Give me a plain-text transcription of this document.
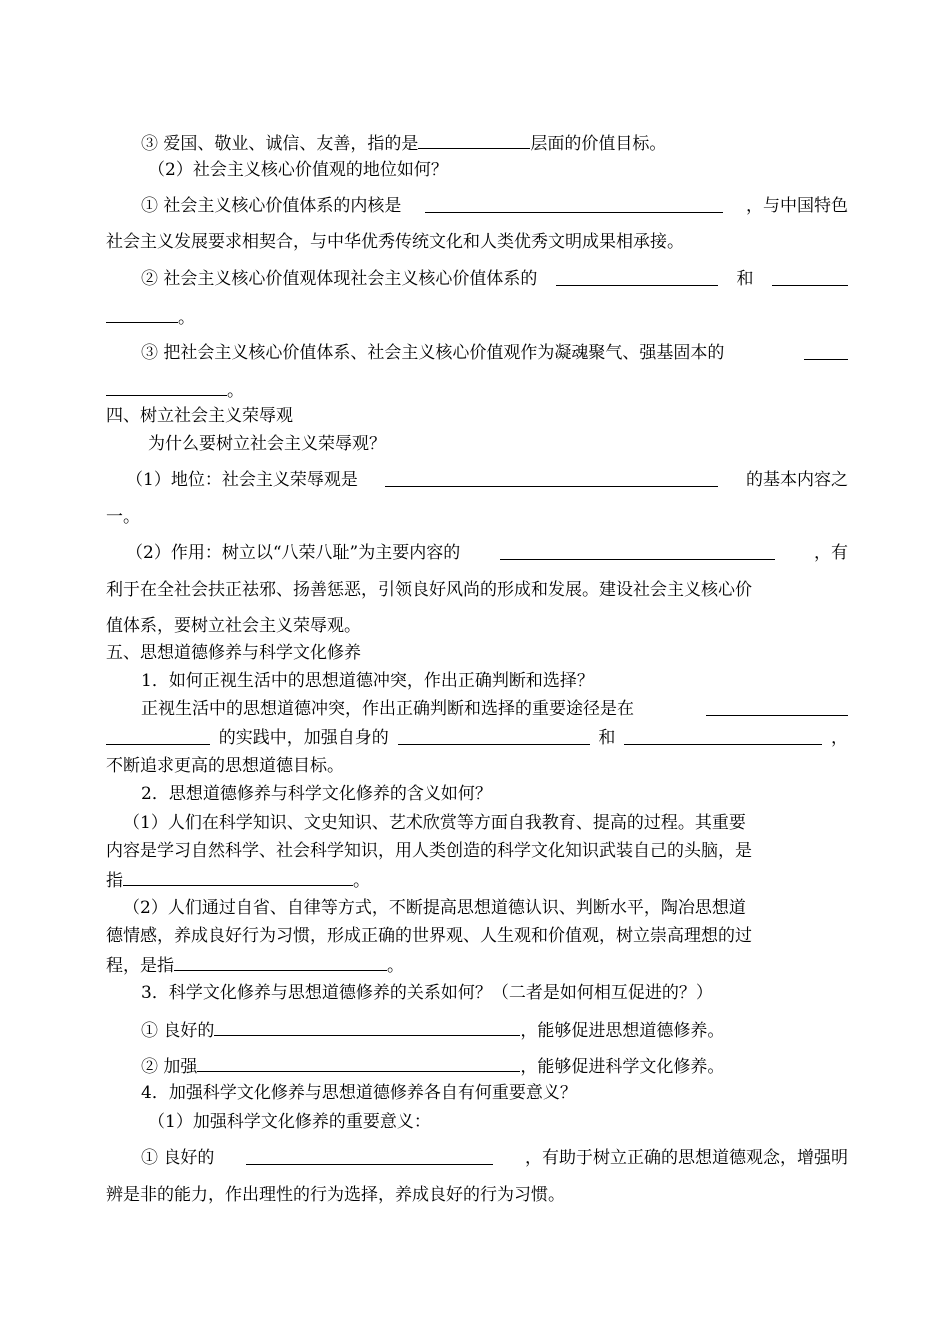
③ 爱国、敬业、诚信、友善，指的是	层面的价值目标。
（2）社会主义核心价值观的地位如何？
① 社会主义核心价值体系的内核是	，与中国特色
社会主义发展要求相契合，与中华优秀传统文化和人类优秀文明成果相承接。
② 社会主义核心价值观体现社会主义核心价值体系的	和
。
③ 把社会主义核心价值体系、社会主义核心价值观作为凝魂聚气、强基固本的
。
四、树立社会主义荣辱观
为什么要树立社会主义荣辱观？
（1）地位：社会主义荣辱观是	的基本内容之
一。
（2）作用：树立以“八荣八耻”为主要内容的	，有
利于在全社会扶正祛邪、扬善惩恶，引领良好风尚的形成和发展。建设社会主义核心价
值体系，要树立社会主义荣辱观。
五、思想道德修养与科学文化修养
1．如何正视生活中的思想道德冲突，作出正确判断和选择？
正视生活中的思想道德冲突，作出正确判断和选择的重要途径是在
的实践中，加强自身的	和	，
不断追求更高的思想道德目标。
2．思想道德修养与科学文化修养的含义如何？
（1）人们在科学知识、文史知识、艺术欣赏等方面自我教育、提高的过程。其重要
内容是学习自然科学、社会科学知识，用人类创造的科学文化知识武装自己的头脑，是
指	。
（2）人们通过自省、自律等方式，不断提高思想道德认识、判断水平，陶冶思想道
德情感，养成良好行为习惯，形成正确的世界观、人生观和价值观，树立崇高理想的过
程，是指	。
3．科学文化修养与思想道德修养的关系如何？（二者是如何相互促进的？）
① 良好的	，能够促进思想道德修养。
② 加强	，能够促进科学文化修养。
4．加强科学文化修养与思想道德修养各自有何重要意义？
（1）加强科学文化修养的重要意义：
① 良好的	，有助于树立正确的思想道德观念，增强明
辨是非的能力，作出理性的行为选择，养成良好的行为习惯。
